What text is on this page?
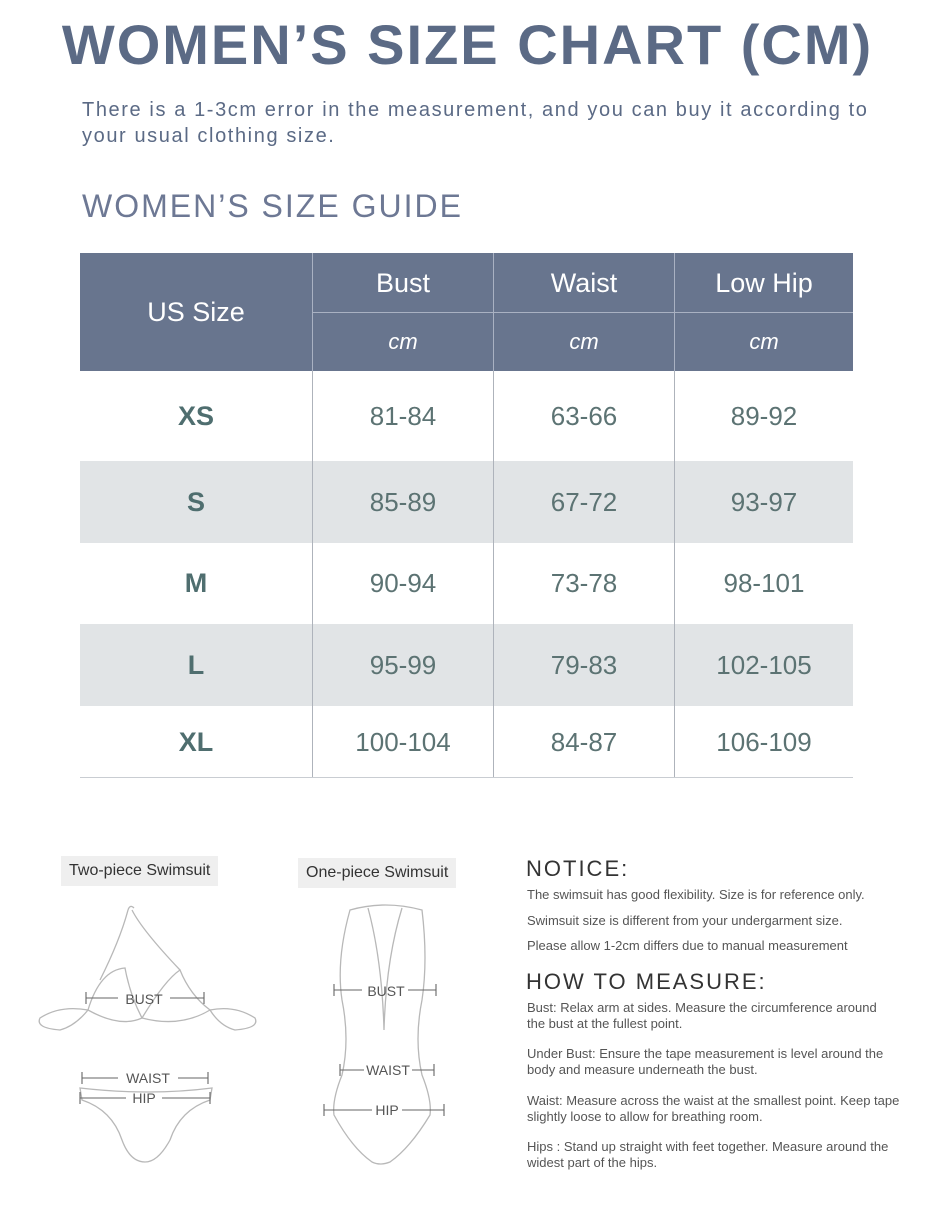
WOMEN’S SIZE CHART (CM)
There is a 1-3cm error in the measurement, and you can buy it according to your usual clothing size.
WOMEN’S SIZE GUIDE
US Size
Bust	Waist	Low Hip
cm	cm	cm
XS	81-84	63-66	89-92
S	85-89	67-72	93-97
M	90-94	73-78	98-101
L	95-99	79-83	102-105
XL	100-104	84-87	106-109
Two-piece Swimsuit	One-piece Swimsuit
BUST
WAIST
HIP
BUST
WAIST
HIP
NOTICE:
The swimsuit has good flexibility. Size is for reference only.
Swimsuit size is different from your undergarment size.
Please allow 1-2cm differs due to manual measurement
HOW TO MEASURE:
Bust: Relax arm at sides. Measure the circumference around the bust at the fullest point.
Under Bust: Ensure the tape measurement is level around the body and measure underneath the bust.
Waist: Measure across the waist at the smallest point. Keep tape slightly loose to allow for breathing room.
Hips : Stand up straight with feet together. Measure around the widest part of the hips.
